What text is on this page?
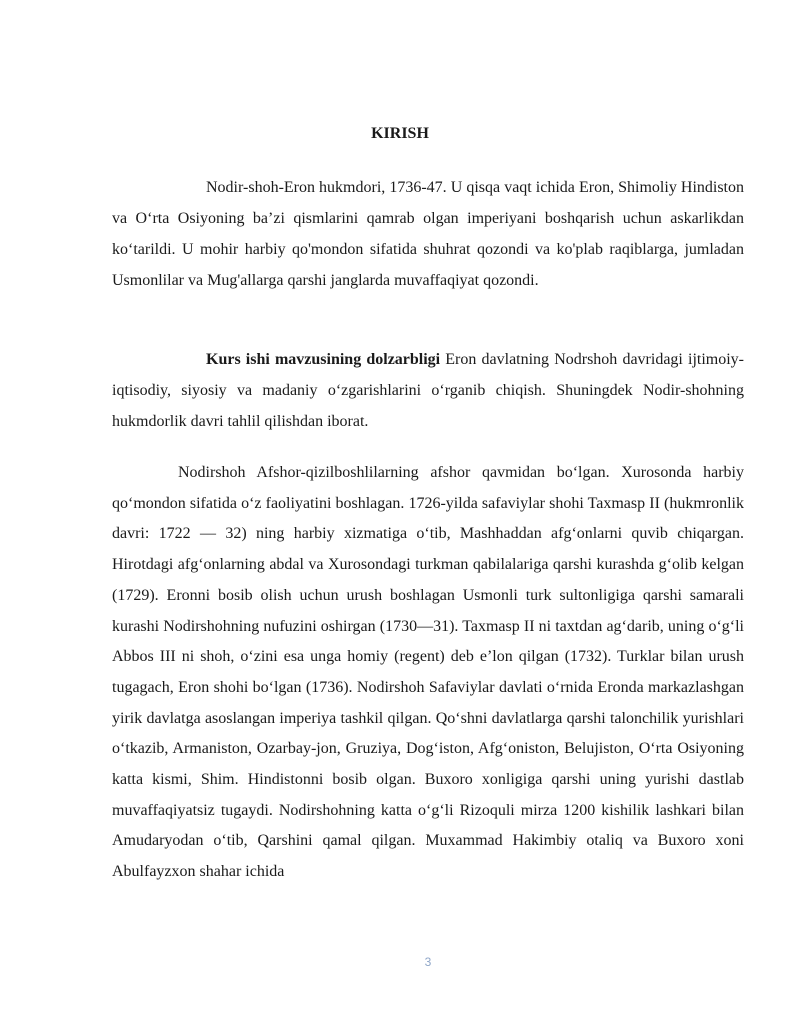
KIRISH

Nodir-shoh-Eron hukmdori, 1736-47. U qisqa vaqt ichida Eron, Shimoliy Hindiston va O‘rta Osiyoning ba’zi qismlarini qamrab olgan imperiyani boshqarish uchun askarlikdan ko‘tarildi. U mohir harbiy qo'mondon sifatida shuhrat qozondi va ko'plab raqiblarga, jumladan Usmonlilar va Mug'allarga qarshi janglarda muvaffaqiyat qozondi.

Kurs ishi mavzusining dolzarbligi Eron davlatning Nodrshoh davridagi ijtimoiy-iqtisodiy, siyosiy va madaniy o‘zgarishlarini o‘rganib chiqish. Shuningdek Nodir-shohning hukmdorlik davri tahlil qilishdan iborat.

Nodirshoh Afshor-qizilboshlilarning afshor qavmidan bo‘lgan. Xurosonda harbiy qo‘mondon sifatida o‘z faoliyatini boshlagan. 1726-yilda safaviylar shohi Taxmasp II (hukmronlik davri: 1722 — 32) ning harbiy xizmatiga o‘tib, Mashhaddan afg‘onlarni quvib chiqargan. Hirotdagi afg‘onlarning abdal va Xurosondagi turkman qabilalariga qarshi kurashda g‘olib kelgan (1729). Eronni bosib olish uchun urush boshlagan Usmonli turk sultonligiga qarshi samarali kurashi Nodirshohning nufuzini oshirgan (1730—31). Taxmasp II ni taxtdan ag‘darib, uning o‘g‘li Abbos III ni shoh, o‘zini esa unga homiy (regent) deb e’lon qilgan (1732). Turklar bilan urush tugagach, Eron shohi bo‘lgan (1736). Nodirshoh Safaviylar davlati o‘rnida Eronda markazlashgan yirik davlatga asoslangan imperiya tashkil qilgan. Qo‘shni davlatlarga qarshi talonchilik yurishlari o‘tkazib, Armaniston, Ozarbay-jon, Gruziya, Dog‘iston, Afg‘oniston, Belujiston, O‘rta Osiyoning katta kismi, Shim. Hindistonni bosib olgan. Buxoro xonligiga qarshi uning yurishi dastlab muvaffaqiyatsiz tugaydi. Nodirshohning katta o‘g‘li Rizoquli mirza 1200 kishilik lashkari bilan Amudaryodan o‘tib, Qarshini qamal qilgan. Muxammad Hakimbiy otaliq va Buxoro xoni Abulfayzxon shahar ichida

3
